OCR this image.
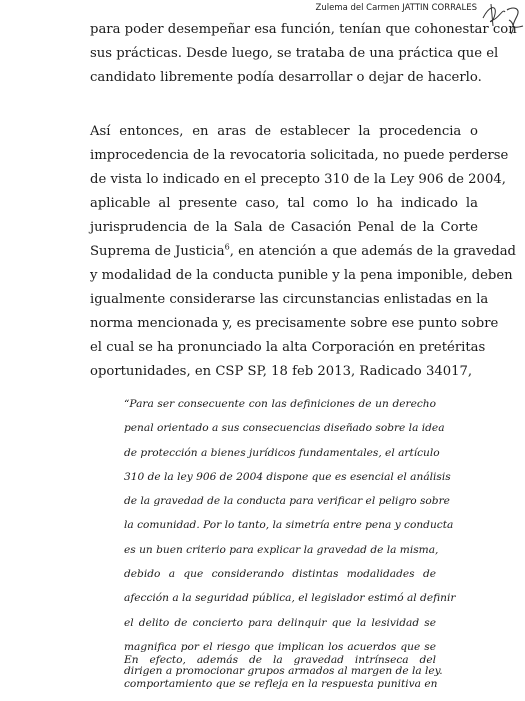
Zulema del Carmen JATTIN CORRALES
para poder desempeñar esa función, tenían que cohonestar con
sus prácticas. Desde luego, se trataba de una práctica que el
candidato libremente podía desarrollar o dejar de hacerlo.
Así entonces, en aras de establecer la procedencia o
improcedencia de la revocatoria solicitada, no puede perderse
de vista lo indicado en el precepto 310 de la Ley 906 de 2004,
aplicable al presente caso, tal como lo ha indicado la
jurisprudencia de la Sala de Casación Penal de la Corte
Suprema de Justicia$^6$, en atención a que además de la gravedad
y modalidad de la conducta punible y la pena imponible, deben
igualmente considerarse las circunstancias enlistadas en la
norma mencionada y, es precisamente sobre ese punto sobre
el cual se ha pronunciado la alta Corporación en pretéritas
oportunidades, en CSP SP, 18 feb 2013, Radicado 34017,
“Para ser consecuente con las definiciones de un derecho
penal orientado a sus consecuencias diseñado sobre la idea
de protección a bienes jurídicos fundamentales, el artículo
310 de la ley 906 de 2004 dispone que es esencial el análisis
de la gravedad de la conducta para verificar el peligro sobre
la comunidad. Por lo tanto, la simetría entre pena y conducta
es un buen criterio para explicar la gravedad de la misma,
debido a que considerando distintas modalidades de
afección a la seguridad pública, el legislador estimó al definir
el delito de concierto para delinquir que la lesividad se
magnifica por el riesgo que implican los acuerdos que se
dirigen a promocionar grupos armados al margen de la ley.
En efecto, además de la gravedad intrínseca del
comportamiento que se refleja en la respuesta punitiva en
